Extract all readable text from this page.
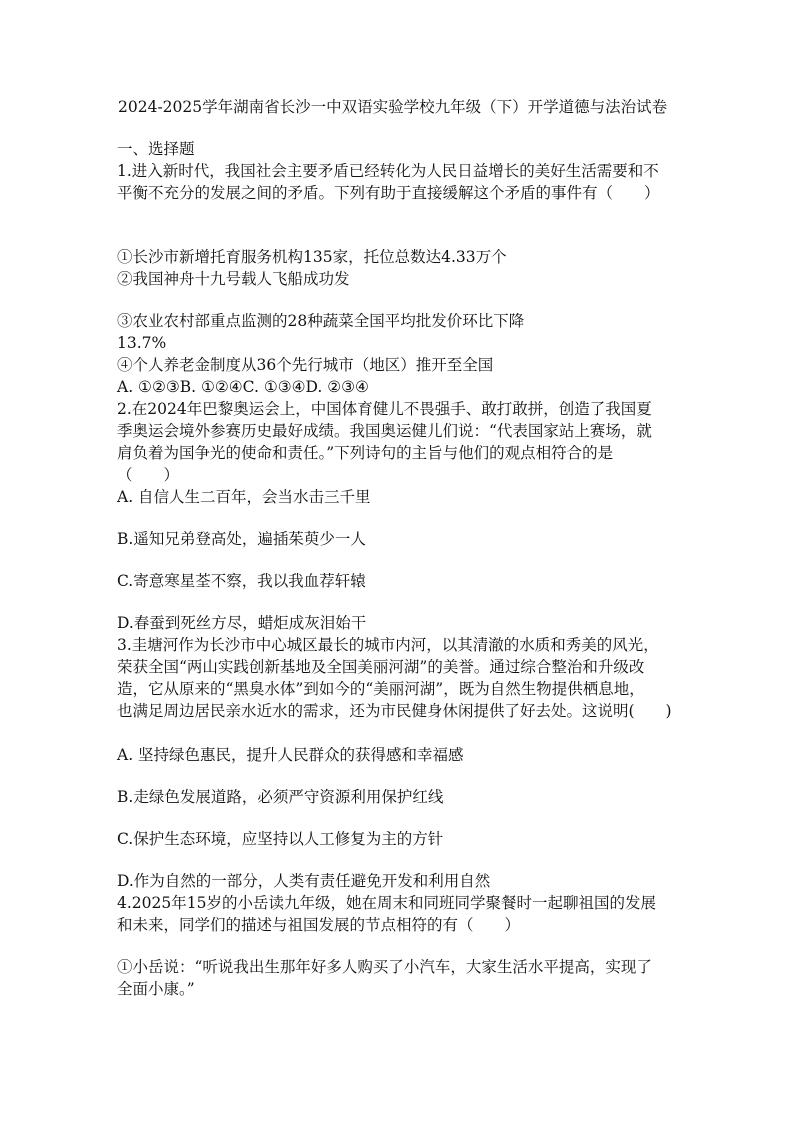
2024-2025学年湖南省长沙一中双语实验学校九年级（下）开学道德与法治试卷
一、选择题
1.进入新时代，我国社会主要矛盾已经转化为人民日益增长的美好生活需要和不
平衡不充分的发展之间的矛盾。下列有助于直接缓解这个矛盾的事件有（　　）
①长沙市新增托育服务机构135家，托位总数达4.33万个
②我国神舟十九号载人飞船成功发
③农业农村部重点监测的28种蔬菜全国平均批发价环比下降
13.7%
④个人养老金制度从36个先行城市（地区）推开至全国
A. ①②③B. ①②④C. ①③④D. ②③④
2.在2024年巴黎奥运会上，中国体育健儿不畏强手、敢打敢拼，创造了我国夏
季奥运会境外参赛历史最好成绩。我国奥运健儿们说：“代表国家站上赛场，就
肩负着为国争光的使命和责任。”下列诗句的主旨与他们的观点相符合的是
（　　）
A. 自信人生二百年，会当水击三千里
B.遥知兄弟登高处，遍插茱萸少一人
C.寄意寒星荃不察，我以我血荐轩辕
D.春蚕到死丝方尽，蜡炬成灰泪始干
3.圭塘河作为长沙市中心城区最长的城市内河，以其清澈的水质和秀美的风光，
荣获全国“两山实践创新基地及全国美丽河湖”的美誉。通过综合整治和升级改
造，它从原来的“黑臭水体”到如今的“美丽河湖”，既为自然生物提供栖息地，
也满足周边居民亲水近水的需求，还为市民健身休闲提供了好去处。这说明(　　)
A. 坚持绿色惠民，提升人民群众的获得感和幸福感
B.走绿色发展道路，必须严守资源利用保护红线
C.保护生态环境，应坚持以人工修复为主的方针
D.作为自然的一部分，人类有责任避免开发和利用自然
4.2025年15岁的小岳读九年级，她在周末和同班同学聚餐时一起聊祖国的发展
和未来，同学们的描述与祖国发展的节点相符的有（　　）
①小岳说：“听说我出生那年好多人购买了小汽车，大家生活水平提高，实现了
全面小康。”
